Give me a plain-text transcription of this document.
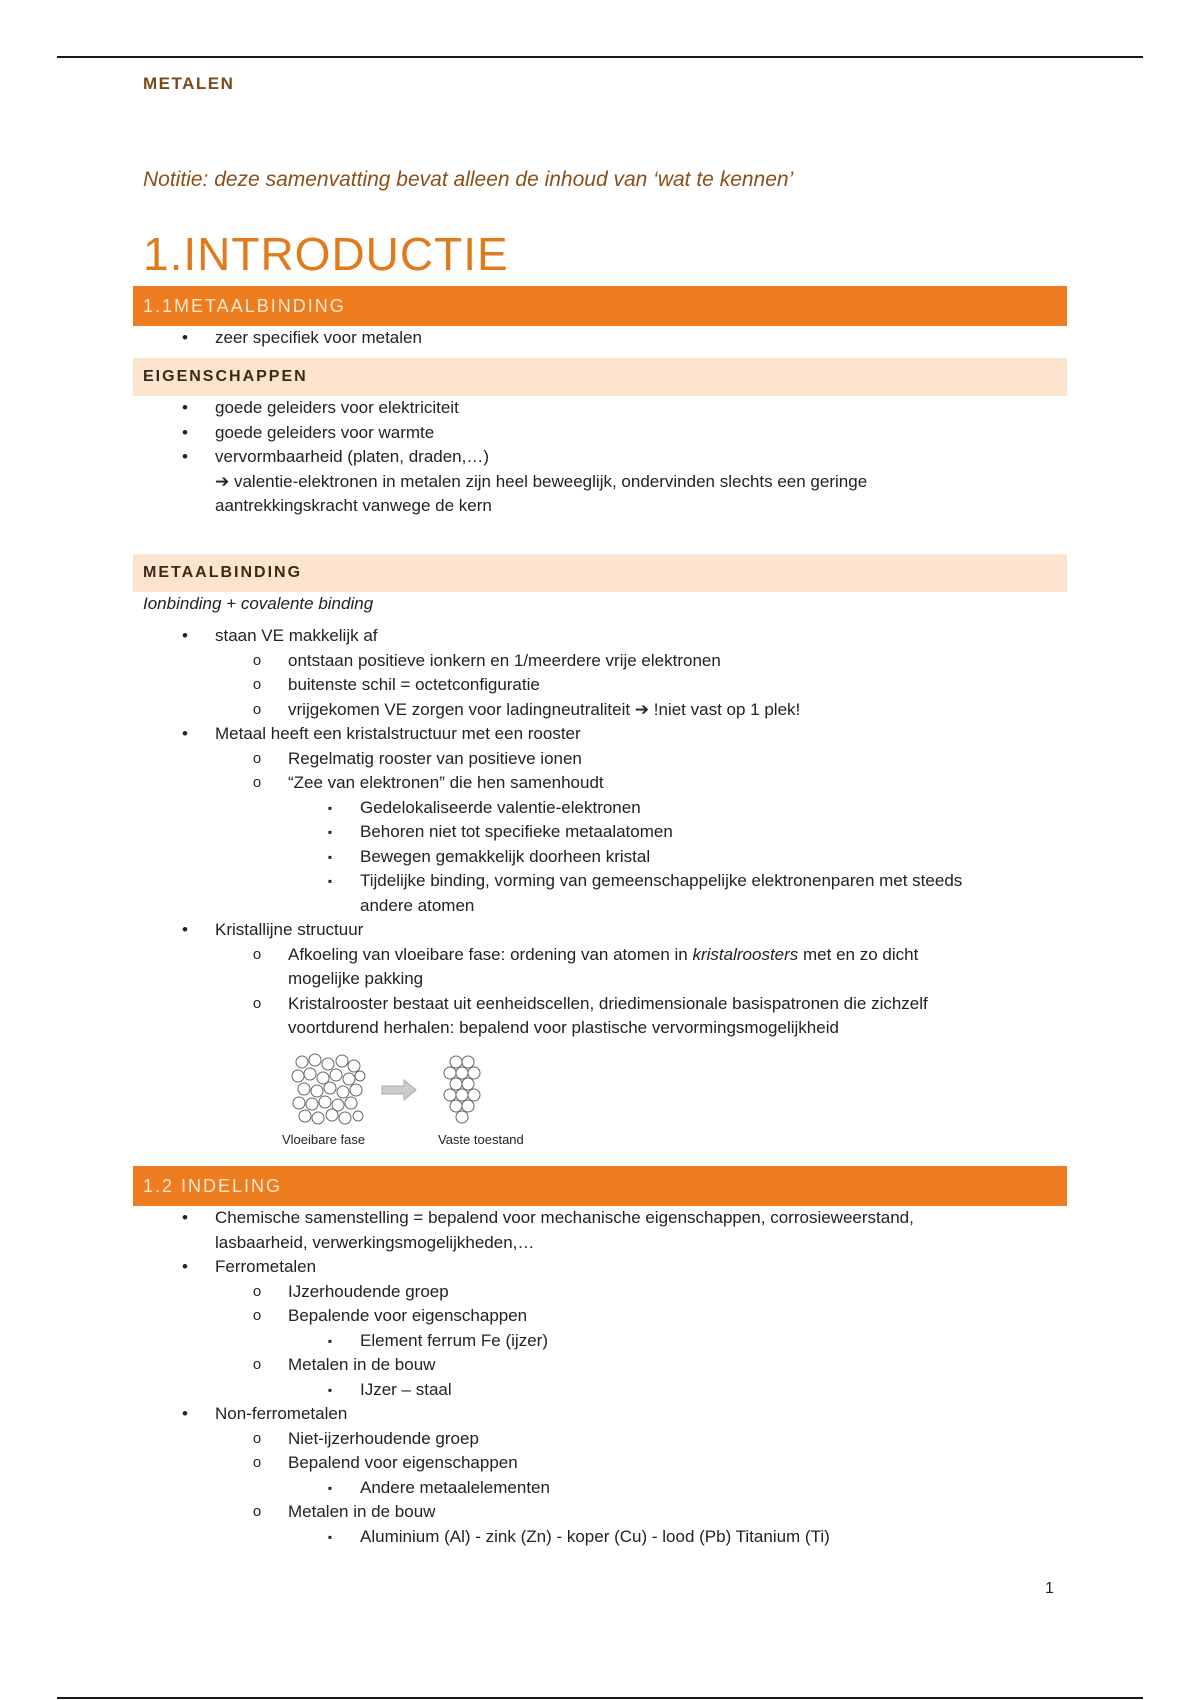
METALEN
Notitie: deze samenvatting bevat alleen de inhoud van ‘wat te kennen’
1.INTRODUCTIE
1.1METAALBINDING
•	zeer specifiek voor metalen
EIGENSCHAPPEN
•	goede geleiders voor elektriciteit
•	goede geleiders voor warmte
•	vervormbaarheid (platen, draden,…)
➔ valentie-elektronen in metalen zijn heel beweeglijk, ondervinden slechts een geringe
aantrekkingskracht vanwege de kern
METAALBINDING
Ionbinding + covalente binding
•	staan VE makkelijk af
o	ontstaan positieve ionkern en 1/meerdere vrije elektronen
o	buitenste schil = octetconfiguratie
o	vrijgekomen VE zorgen voor ladingneutraliteit ➔ !niet vast op 1 plek!
•	Metaal heeft een kristalstructuur met een rooster
o	Regelmatig rooster van positieve ionen
o	“Zee van elektronen” die hen samenhoudt
▪	Gedelokaliseerde valentie-elektronen
▪	Behoren niet tot specifieke metaalatomen
▪	Bewegen gemakkelijk doorheen kristal
▪	Tijdelijke binding, vorming van gemeenschappelijke elektronenparen met steeds
andere atomen
•	Kristallijne structuur
o	Afkoeling van vloeibare fase: ordening van atomen in kristalroosters met en zo dicht
mogelijke pakking
o	Kristalrooster bestaat uit eenheidscellen, driedimensionale basispatronen die zichzelf
voortdurend herhalen: bepalend voor plastische vervormingsmogelijkheid
Vloeibare fase	Vaste toestand
1.2 INDELING
•	Chemische samenstelling = bepalend voor mechanische eigenschappen, corrosieweerstand,
lasbaarheid, verwerkingsmogelijkheden,…
•	Ferrometalen
o	IJzerhoudende groep
o	Bepalende voor eigenschappen
▪	Element ferrum Fe (ijzer)
o	Metalen in de bouw
▪	IJzer – staal
•	Non-ferrometalen
o	Niet-ijzerhoudende groep
o	Bepalend voor eigenschappen
▪	Andere metaalelementen
o	Metalen in de bouw
▪	Aluminium (Al) - zink (Zn) - koper (Cu) - lood (Pb) Titanium (Ti)
1
